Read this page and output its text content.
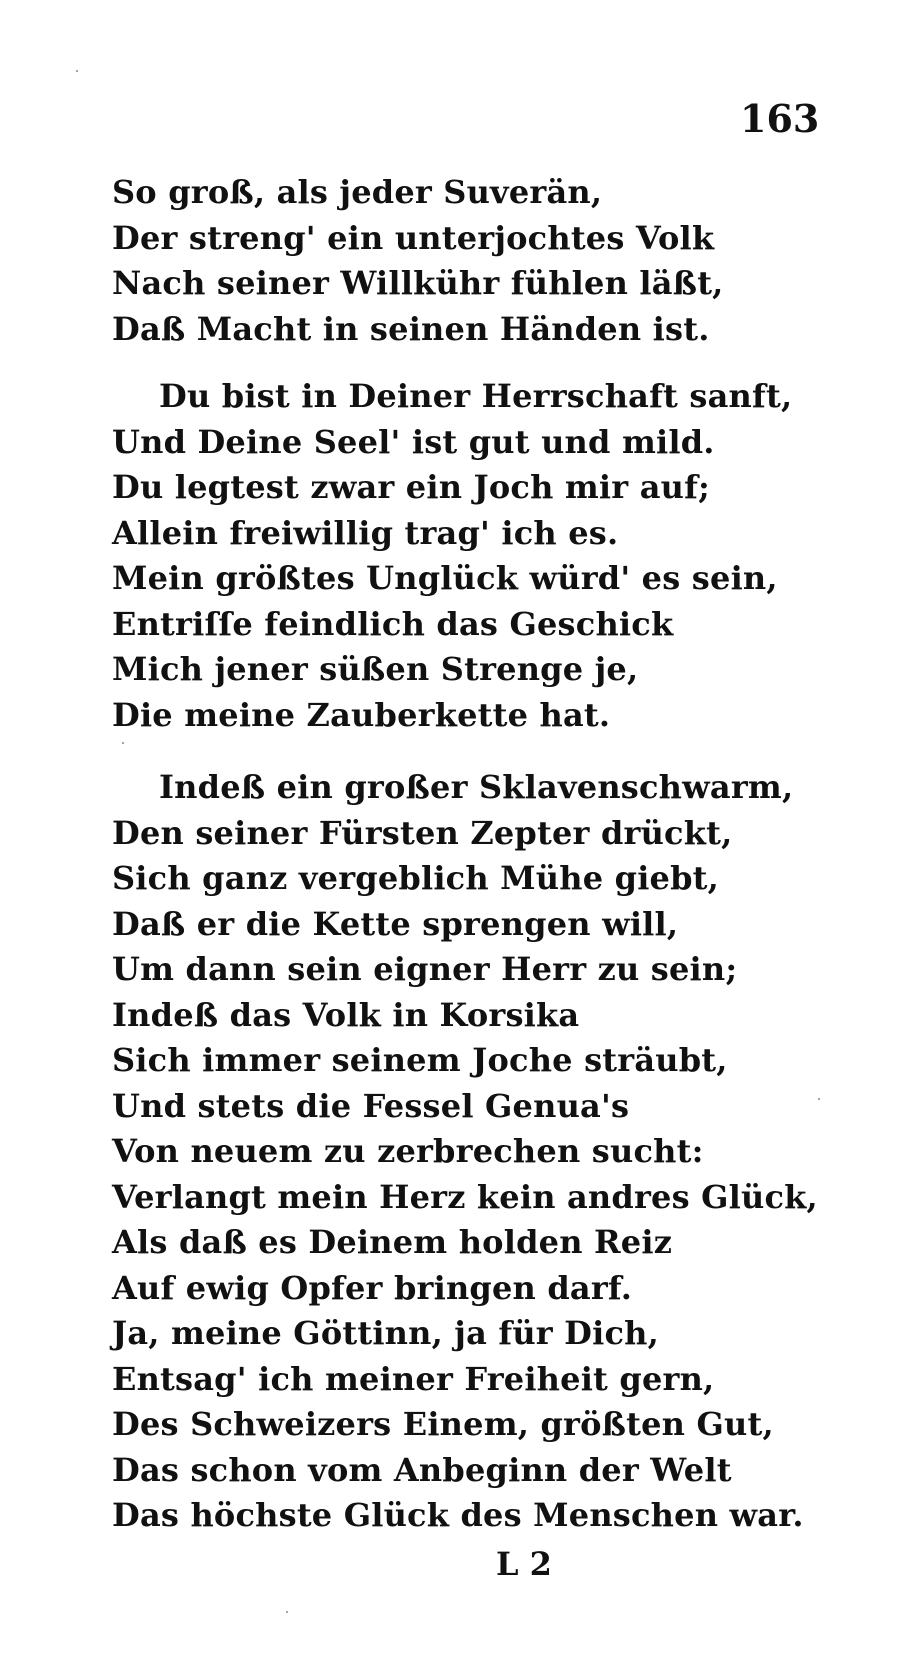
163
So groß, als jeder Suverän,
Der streng' ein unterjochtes Volk
Nach seiner Willkühr fühlen läßt,
Daß Macht in seinen Händen ist.
Du bist in Deiner Herrschaft sanft,
Und Deine Seel' ist gut und mild.
Du legtest zwar ein Joch mir auf;
Allein freiwillig trag' ich es.
Mein größtes Unglück würd' es sein,
Entriſſe feindlich das Geschick
Mich jener süßen Strenge je,
Die meine Zauberkette hat.
Indeß ein großer Sklavenschwarm,
Den seiner Fürsten Zepter drückt,
Sich ganz vergeblich Mühe giebt,
Daß er die Kette sprengen will,
Um dann sein eigner Herr zu sein;
Indeß das Volk in Korsika
Sich immer seinem Joche sträubt,
Und stets die Fessel Genua's
Von neuem zu zerbrechen sucht:
Verlangt mein Herz kein andres Glück,
Als daß es Deinem holden Reiz
Auf ewig Opfer bringen darf.
Ja, meine Göttinn, ja für Dich,
Entsag' ich meiner Freiheit gern,
Des Schweizers Einem, größten Gut,
Das schon vom Anbeginn der Welt
Das höchste Glück des Menschen war.
L 2
